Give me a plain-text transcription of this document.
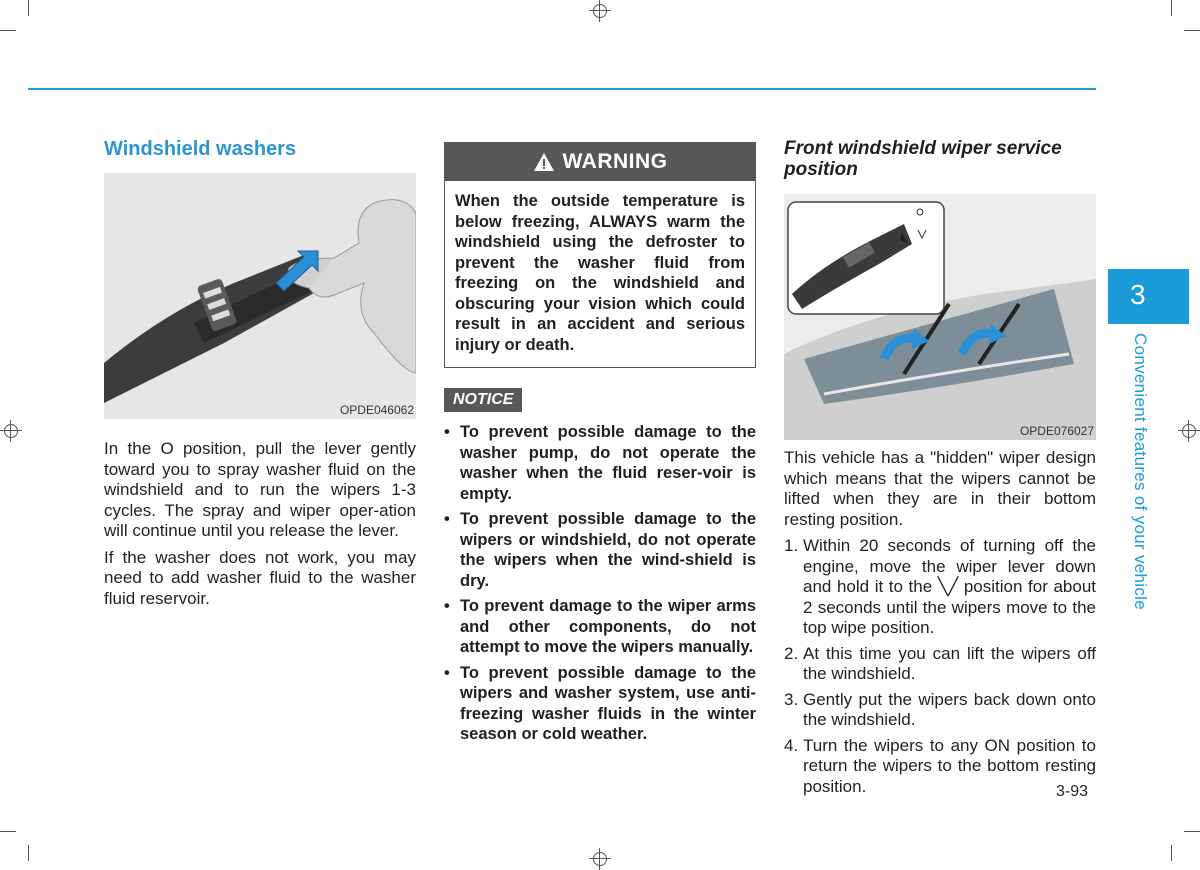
Windshield washers
OPDE046062

In the O position, pull the lever gently toward you to spray washer fluid on the windshield and to run the wipers 1-3 cycles. The spray and wiper oper-ation will continue until you release the lever.

If the washer does not work, you may need to add washer fluid to the washer fluid reservoir.

WARNING
When the outside temperature is below freezing, ALWAYS warm the windshield using the defroster to prevent the washer fluid from freezing on the windshield and obscuring your vision which could result in an accident and serious injury or death.
NOTICE
• To prevent possible damage to the washer pump, do not operate the washer when the fluid reser-voir is empty.
• To prevent possible damage to the wipers or windshield, do not operate the wipers when the wind-shield is dry.
• To prevent damage to the wiper arms and other components, do not attempt to move the wipers manually.
• To prevent possible damage to the wipers and washer system, use anti-freezing washer fluids in the winter season or cold weather.
Front windshield wiper service position
OPDE076027

This vehicle has a "hidden" wiper design which means that the wipers cannot be lifted when they are in their bottom resting position.

1. Within 20 seconds of turning off the engine, move the wiper lever down and hold it to the ╲╱ position for about 2 seconds until the wipers move to the top wipe position.
2. At this time you can lift the wipers off the windshield.
3. Gently put the wipers back down onto the windshield.
4. Turn the wipers to any ON position to return the wipers to the bottom resting position.
3
Convenient features of your vehicle
3-93
